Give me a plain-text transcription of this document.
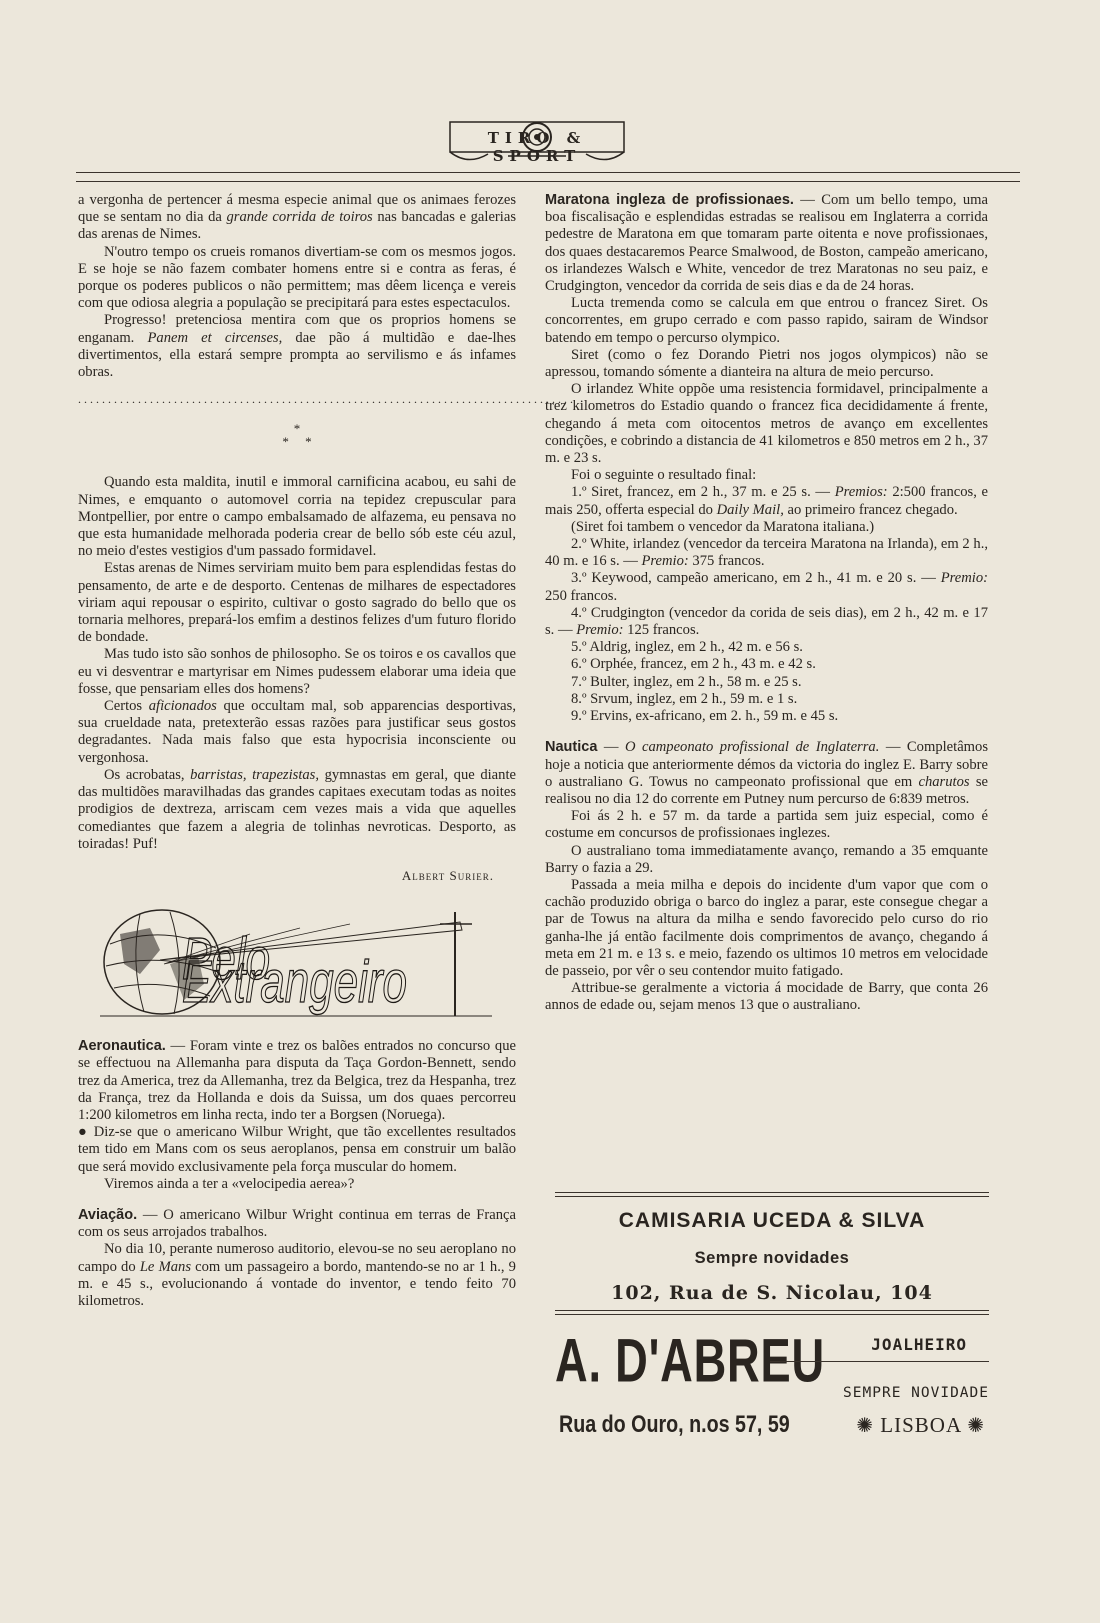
TIRO & SPORT

a vergonha de pertencer á mesma especie animal que os animaes ferozes que se sentam no dia da grande corrida de toiros nas bancadas e galerias das arenas de Nimes.

N'outro tempo os crueis romanos divertiam-se com os mesmos jogos. E se hoje se não fazem combater homens entre si e contra as feras, é porque os poderes publicos o não permittem; mas dêem licença e vereis com que odiosa alegria a população se precipitará para estes espectaculos.

Progresso! pretenciosa mentira com que os proprios homens se enganam. Panem et circenses, dae pão á multidão e dae-lhes divertimentos, ella estará sempre prompta ao servilismo e ás infames obras.

...................................................................................
*
*     *

Quando esta maldita, inutil e immoral carnificina acabou, eu sahi de Nimes, e emquanto o automovel corria na tepidez crepuscular para Montpellier, por entre o campo embalsamado de alfazema, eu pensava no que esta humanidade melhorada poderia crear de bello sób este céu azul, no meio d'estes vestigios d'um passado formidavel.

Estas arenas de Nimes serviriam muito bem para esplendidas festas do pensamento, de arte e de desporto. Centenas de milhares de espectadores viriam aqui repousar o espirito, cultivar o gosto sagrado do bello que os tornaria melhores, prepará-los emfim a destinos felizes d'um futuro florido de bondade.

Mas tudo isto são sonhos de philosopho. Se os toiros e os cavallos que eu vi desventrar e martyrisar em Nimes pudessem elaborar uma ideia que fosse, que pensariam elles dos homens?

Certos aficionados que occultam mal, sob apparencias desportivas, sua crueldade nata, pretexterão essas razões para justificar seus gostos degradantes. Nada mais falso que esta hypocrisia inconsciente ou vergonhosa.

Os acrobatas, barristas, trapezistas, gymnastas em geral, que diante das multidões maravilhadas das grandes capitaes executam todas as noites prodigios de dextreza, arriscam cem vezes mais a vida que aquelles comediantes que fazem a alegria de tolinhas nevroticas. Desporto, as toiradas! Puf!

Albert Surier.
Pelo Extrangeiro

Aeronautica. — Foram vinte e trez os balões entrados no concurso que se effectuou na Allemanha para disputa da Taça Gordon-Bennett, sendo trez da America, trez da Allemanha, trez da Belgica, trez da Hespanha, trez da França, trez da Hollanda e dois da Suissa, um dos quaes percorreu 1:200 kilometros em linha recta, indo ter a Borgsen (Noruega).

● Diz-se que o americano Wilbur Wright, que tão excellentes resultados tem tido em Mans com os seus aeroplanos, pensa em construir um balão que será movido exclusivamente pela força muscular do homem.

Viremos ainda a ter a «velocipedia aerea»?

Aviação. — O americano Wilbur Wright continua em terras de França com os seus arrojados trabalhos.

No dia 10, perante numeroso auditorio, elevou-se no seu aeroplano no campo do Le Mans com um passageiro a bordo, mantendo-se no ar 1 h., 9 m. e 45 s., evolucionando á vontade do inventor, e tendo feito 70 kilometros.

Maratona ingleza de profissionaes. — Com um bello tempo, uma boa fiscalisação e esplendidas estradas se realisou em Inglaterra a corrida pedestre de Maratona em que tomaram parte oitenta e nove profissionaes, dos quaes destacaremos Pearce Smalwood, de Boston, campeão americano, os irlandezes Walsch e White, vencedor de trez Maratonas no seu paiz, e Crudgington, vencedor da corrida de seis dias e da de 24 horas.

Lucta tremenda como se calcula em que entrou o francez Siret. Os concorrentes, em grupo cerrado e com passo rapido, sairam de Windsor batendo em tempo o percurso olympico.

Siret (como o fez Dorando Pietri nos jogos olympicos) não se apressou, tomando sómente a dianteira na altura de meio percurso.

O irlandez White oppõe uma resistencia formidavel, principalmente a trez kilometros do Estadio quando o francez fica decididamente á frente, chegando á meta com oitocentos metros de avanço em excellentes condições, e cobrindo a distancia de 41 kilometros e 850 metros em 2 h., 37 m. e 23 s.

Foi o seguinte o resultado final:

1.º Siret, francez, em 2 h., 37 m. e 25 s. — Premios: 2:500 francos, e mais 250, offerta especial do Daily Mail, ao primeiro francez chegado.

(Siret foi tambem o vencedor da Maratona italiana.)

2.º White, irlandez (vencedor da terceira Maratona na Irlanda), em 2 h., 40 m. e 16 s. — Premio: 375 francos.

3.º Keywood, campeão americano, em 2 h., 41 m. e 20 s. — Premio: 250 francos.

4.º Crudgington (vencedor da corida de seis dias), em 2 h., 42 m. e 17 s. — Premio: 125 francos.

5.º Aldrig, inglez, em 2 h., 42 m. e 56 s.

6.º Orphée, francez, em 2 h., 43 m. e 42 s.

7.º Bulter, inglez, em 2 h., 58 m. e 25 s.

8.º Srvum, inglez, em 2 h., 59 m. e 1 s.

9.º Ervins, ex-africano, em 2. h., 59 m. e 45 s.

Nautica — O campeonato profissional de Inglaterra. — Completâmos hoje a noticia que anteriormente démos da victoria do inglez E. Barry sobre o australiano G. Towus no campeonato profissional que em charutos se realisou no dia 12 do corrente em Putney num percurso de 6:839 metros.

Foi ás 2 h. e 57 m. da tarde a partida sem juiz especial, como é costume em concursos de profissionaes inglezes.

O australiano toma immediatamente avanço, remando a 35 emquante Barry o fazia a 29.

Passada a meia milha e depois do incidente d'um vapor que com o cachão produzido obriga o barco do inglez a parar, este consegue chegar a par de Towus na altura da milha e sendo favorecido pelo curso do rio ganha-lhe já então facilmente dois comprimentos de avanço, chegando á meta em 21 m. e 13 s. e meio, fazendo os ultimos 10 metros em velocidade de passeio, por vêr o seu contendor muito fatigado.

Attribue-se geralmente a victoria á mocidade de Barry, que conta 26 annos de edade ou, sejam menos 13 que o australiano.

CAMISARIA UCEDA & SILVA
Sempre novidades
102, Rua de S. Nicolau, 104
A. D'ABREU	JOALHEIRO
SEMPRE NOVIDADE
Rua do Ouro, n.os 57, 59	✺ LISBOA ✺
